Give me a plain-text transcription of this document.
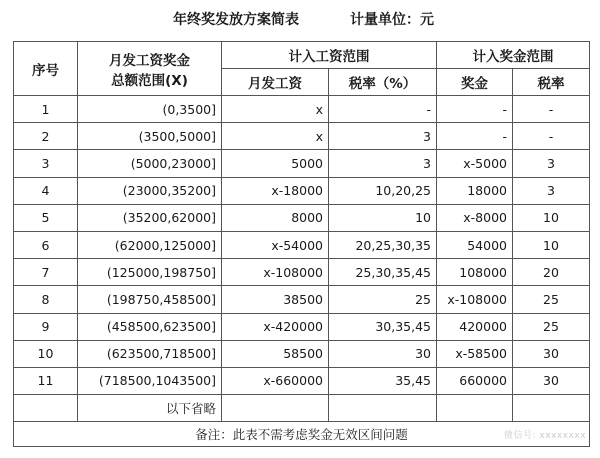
年终奖发放方案简表	计量单位：元
序号	月发工资奖金
总额范围(X)	计入工资范围		计入奖金范围	
		月发工资	税率（%）	奖金	税率
1	(0,3500]	x	-	-	-
2	(3500,5000]	x	3	-	-
3	(5000,23000]	5000	3	x-5000	3
4	(23000,35200]	x-18000	10,20,25	18000	3
5	(35200,62000]	8000	10	x-8000	10
6	(62000,125000]	x-54000	20,25,30,35	54000	10
7	(125000,198750]	x-108000	25,30,35,45	108000	20
8	(198750,458500]	38500	25	x-108000	25
9	(458500,623500]	x-420000	30,35,45	420000	25
10	(623500,718500]	58500	30	x-58500	30
11	(718500,1043500]	x-660000	35,45	660000	30
	以下省略				
备注：此表不需考虑奖金无效区间问题						微信号: xxxxxxxx
